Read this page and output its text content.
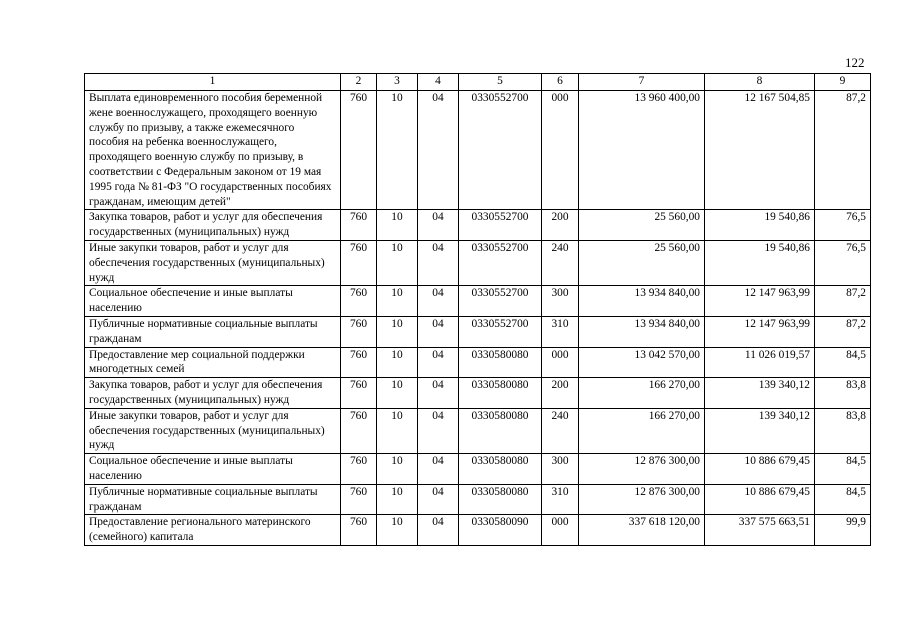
122
1	2	3	4	5	6	7	8	9
Выплата единовременного пособия беременной жене военнослужащего, проходящего военную службу по призыву, а также ежемесячного пособия на ребенка военнослужащего, проходящего военную службу по призыву, в соответствии с Федеральным законом от 19 мая 1995 года № 81-ФЗ "О государственных пособиях гражданам, имеющим детей"	760	10	04	0330552700	000	13 960 400,00	12 167 504,85	87,2
Закупка товаров, работ и услуг для обеспечения государственных (муниципальных) нужд	760	10	04	0330552700	200	25 560,00	19 540,86	76,5
Иные закупки товаров, работ и услуг для обеспечения государственных (муниципальных) нужд	760	10	04	0330552700	240	25 560,00	19 540,86	76,5
Социальное обеспечение и иные выплаты населению	760	10	04	0330552700	300	13 934 840,00	12 147 963,99	87,2
Публичные нормативные социальные выплаты гражданам	760	10	04	0330552700	310	13 934 840,00	12 147 963,99	87,2
Предоставление мер социальной поддержки многодетных семей	760	10	04	0330580080	000	13 042 570,00	11 026 019,57	84,5
Закупка товаров, работ и услуг для обеспечения государственных (муниципальных) нужд	760	10	04	0330580080	200	166 270,00	139 340,12	83,8
Иные закупки товаров, работ и услуг для обеспечения государственных (муниципальных) нужд	760	10	04	0330580080	240	166 270,00	139 340,12	83,8
Социальное обеспечение и иные выплаты населению	760	10	04	0330580080	300	12 876 300,00	10 886 679,45	84,5
Публичные нормативные социальные выплаты гражданам	760	10	04	0330580080	310	12 876 300,00	10 886 679,45	84,5
Предоставление регионального материнского (семейного) капитала	760	10	04	0330580090	000	337 618 120,00	337 575 663,51	99,9
